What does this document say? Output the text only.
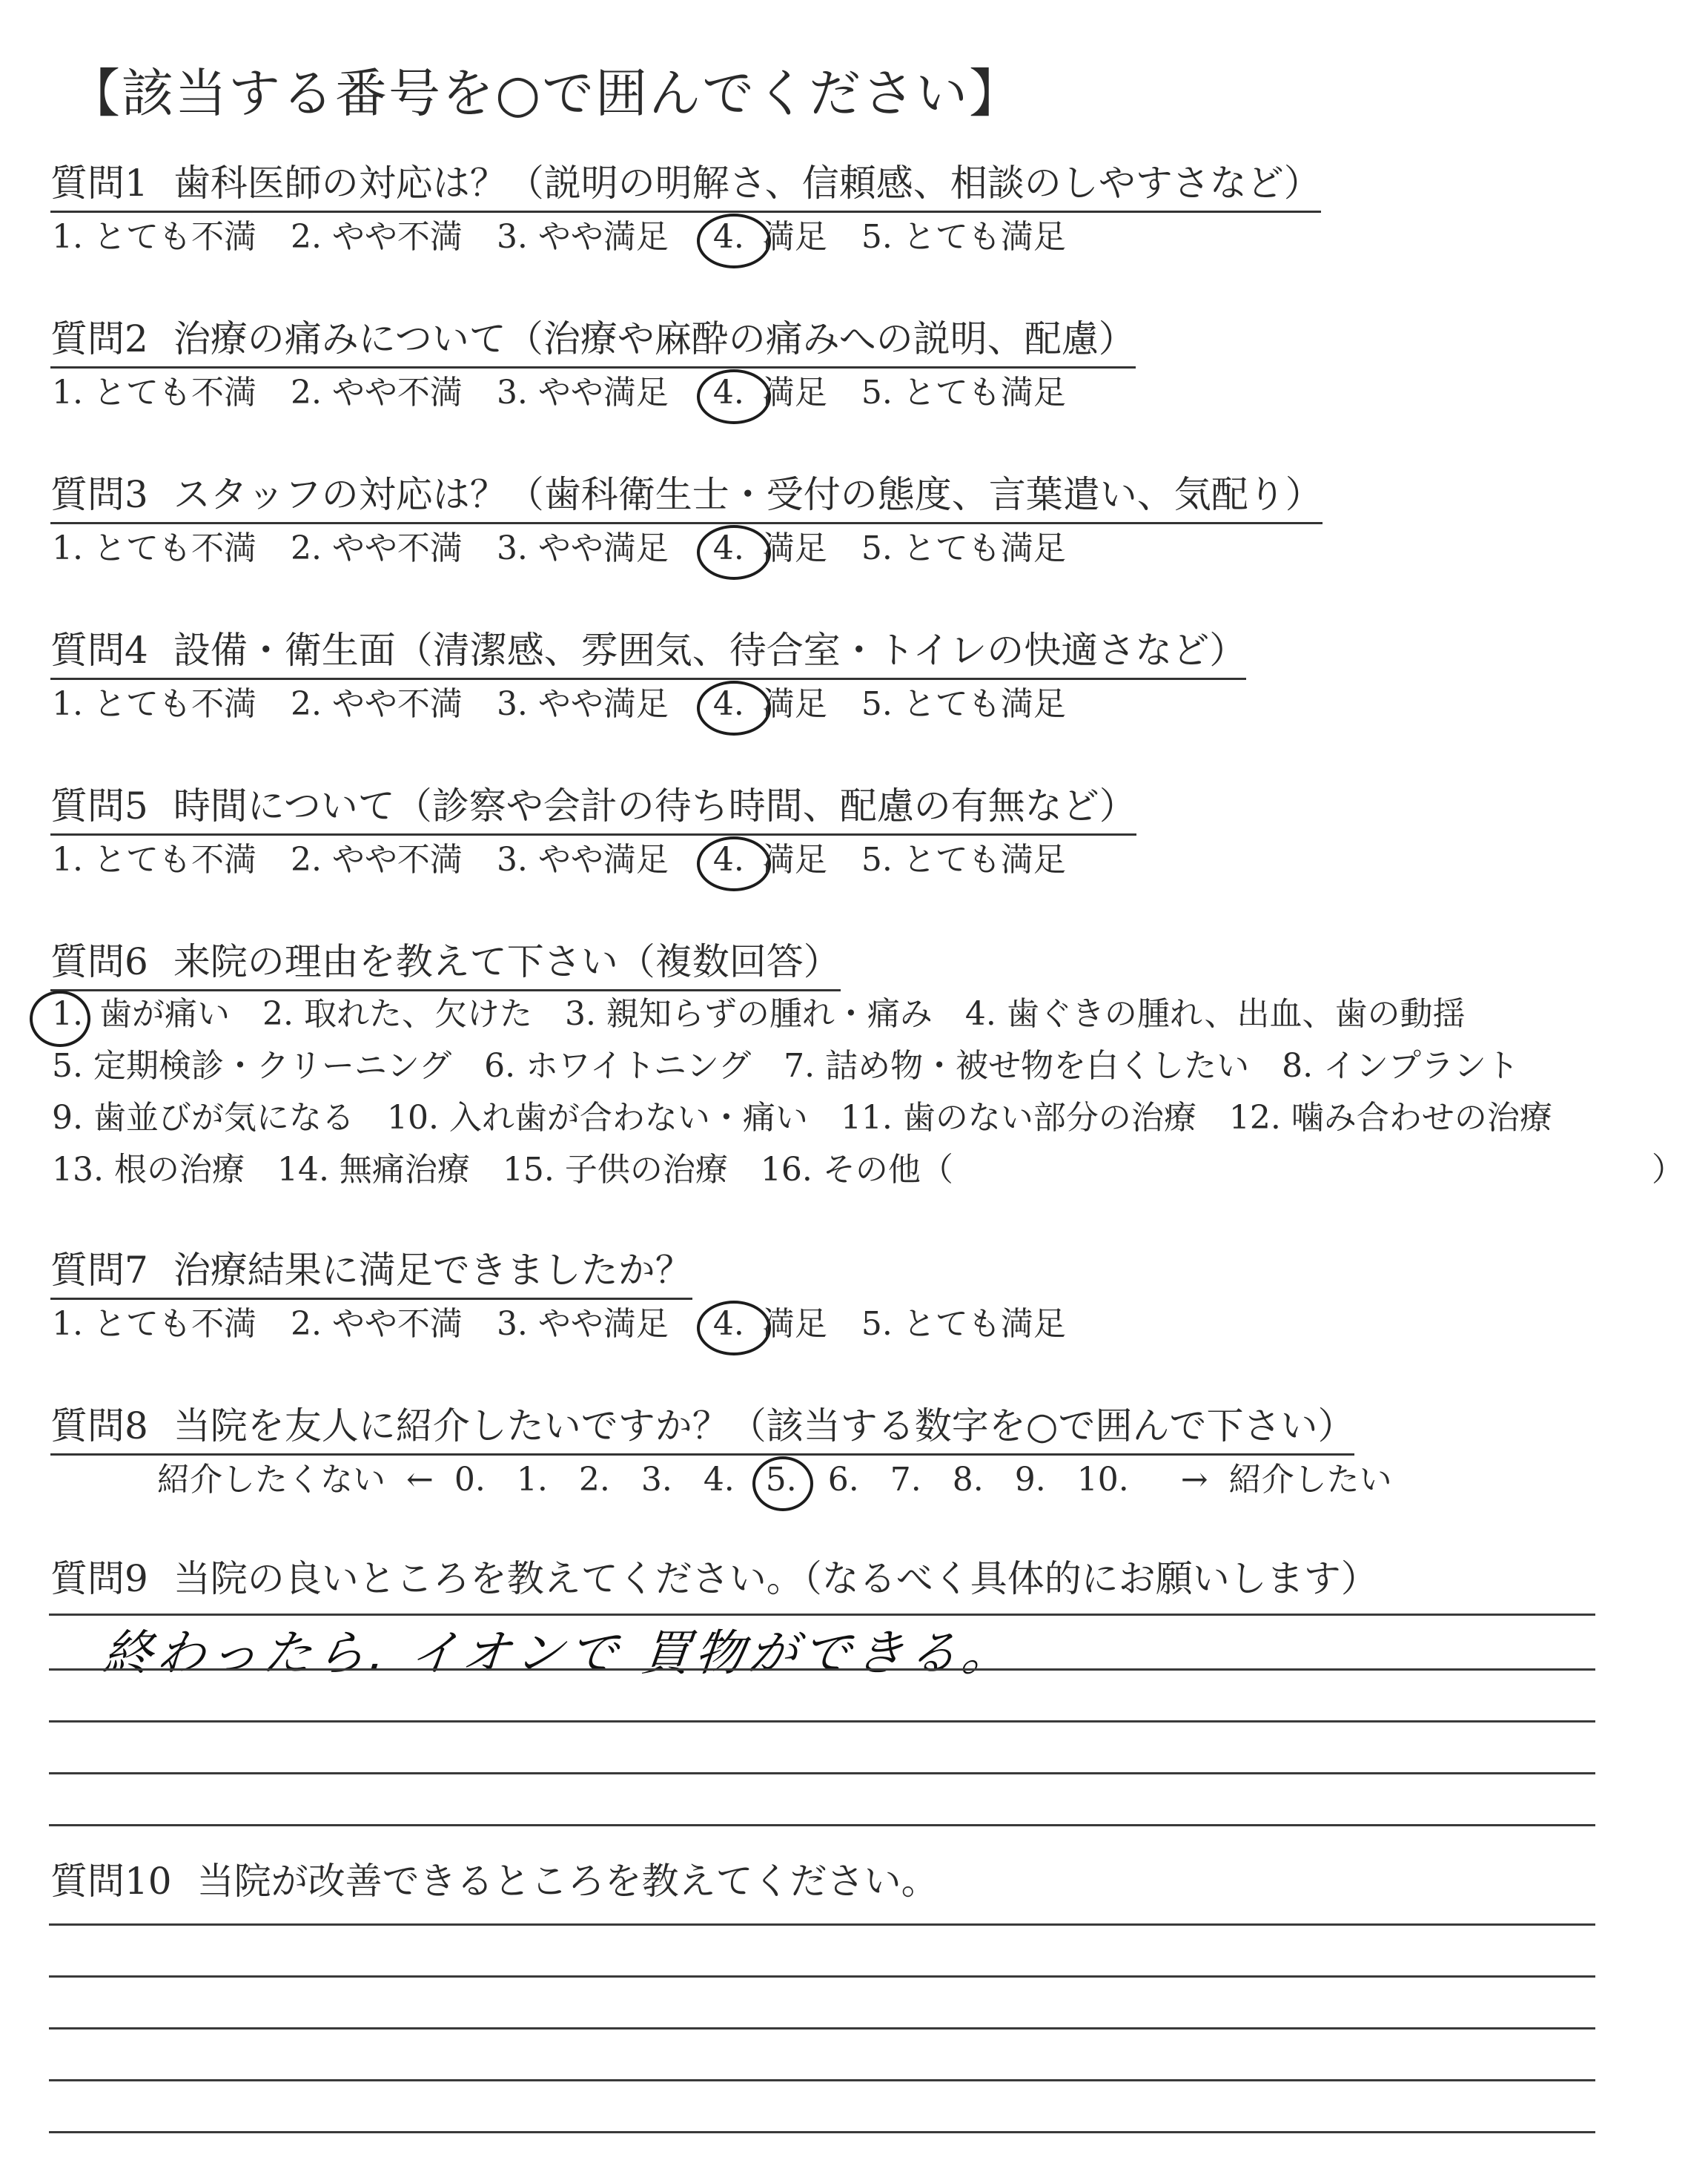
【該当する番号を○で囲んでください】
質問1 歯科医師の対応は？（説明の明解さ、信頼感、相談のしやすさなど）
1. とても不満 2. やや不満 3. やや満足 4. 満足 5. とても満足
質問2 治療の痛みについて（治療や麻酔の痛みへの説明、配慮）
1. とても不満 2. やや不満 3. やや満足 4. 満足 5. とても満足
質問3 スタッフの対応は？（歯科衛生士・受付の態度、言葉遣い、気配り）
1. とても不満 2. やや不満 3. やや満足 4. 満足 5. とても満足
質問4 設備・衛生面（清潔感、雰囲気、待合室・トイレの快適さなど）
1. とても不満 2. やや不満 3. やや満足 4. 満足 5. とても満足
質問5 時間について（診察や会計の待ち時間、配慮の有無など）
1. とても不満 2. やや不満 3. やや満足 4. 満足 5. とても満足
質問6 来院の理由を教えて下さい（複数回答）
1. 歯が痛い 2. 取れた、欠けた 3. 親知らずの腫れ・痛み 4. 歯ぐきの腫れ、出血、歯の動揺
5. 定期検診・クリーニング 6. ホワイトニング 7. 詰め物・被せ物を白くしたい 8. インプラント
9. 歯並びが気になる 10. 入れ歯が合わない・痛い 11. 歯のない部分の治療 12. 噛み合わせの治療
13. 根の治療 14. 無痛治療 15. 子供の治療 16. その他（	）
質問7 治療結果に満足できましたか？
1. とても不満 2. やや不満 3. やや満足 4. 満足 5. とても満足
質問8 当院を友人に紹介したいですか？（該当する数字を○で囲んで下さい）
紹介したくない ← 0. 1. 2. 3. 4. 5. 6. 7. 8. 9. 10. → 紹介したい
質問9 当院の良いところを教えてください。（なるべく具体的にお願いします）
終わったら. イオンで 買物ができる。
質問10 当院が改善できるところを教えてください。
